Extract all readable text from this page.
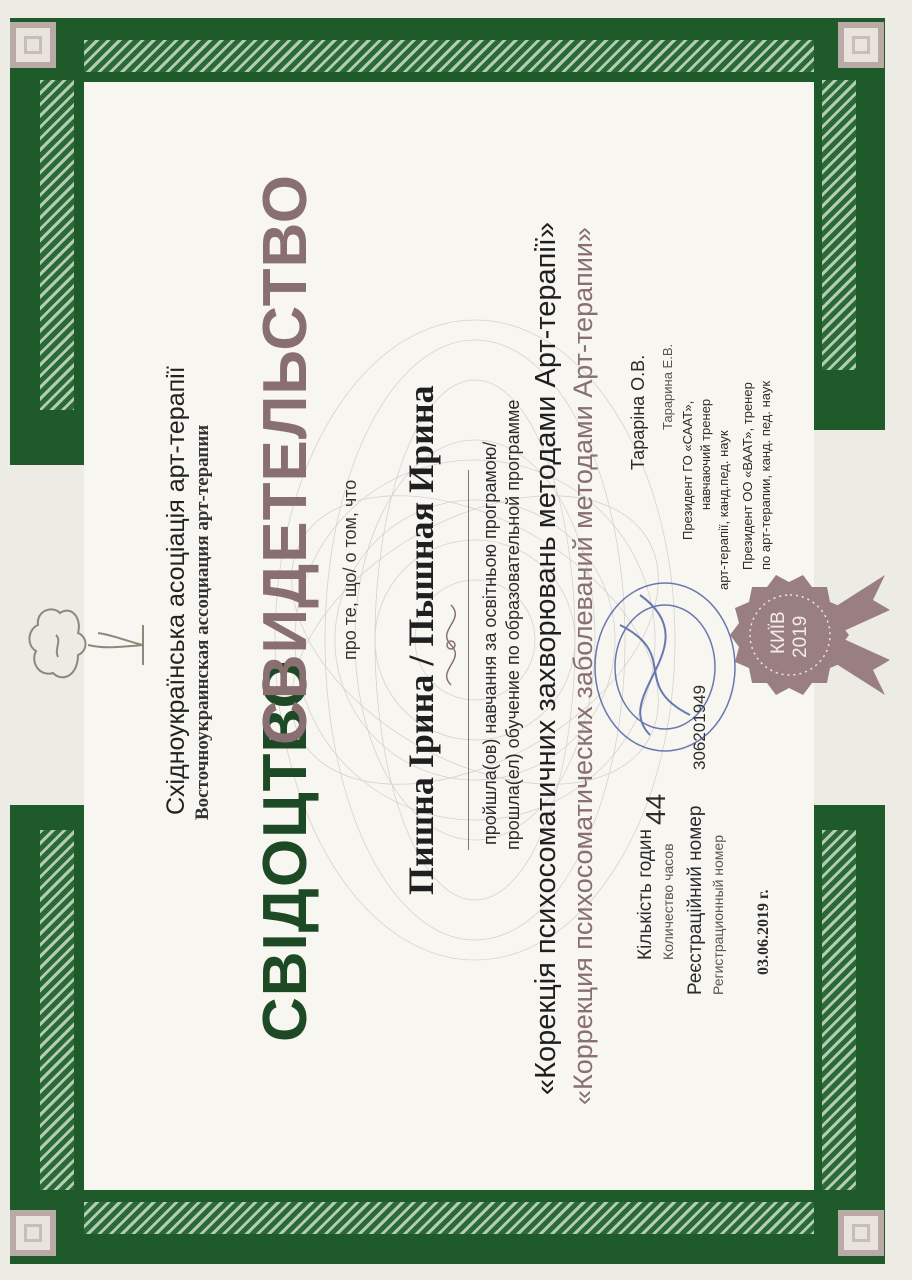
Східноукраїнська асоціація арт-терапії Восточноукраинская ассоциация арт-терапии
СВІДОЦТВО
СВИДЕТЕЛЬСТВО про те, що/ о том, что Пишна Ірина / Пышная Ирина пройшла(ов) навчання за освітньою програмою/ прошла(ел) обучение по образовательной программе «Корекція психосоматичних захворювань методами Арт-терапії» «Коррекция психосоматических заболеваний методами Арт-терапии» Кількість годин Количество часов
44 Реєстраційний номер Регистрационный номер
306201949
03.06.2019 г.
Тараріна О.В. Тарарина Е.В.
Президент ГО «СААТ», навчаючий тренер арт-терапії, канд.пед. наук Президент ОО «ВААТ», тренер по арт-терапии, канд. пед. наук
КИЇВ 2019
